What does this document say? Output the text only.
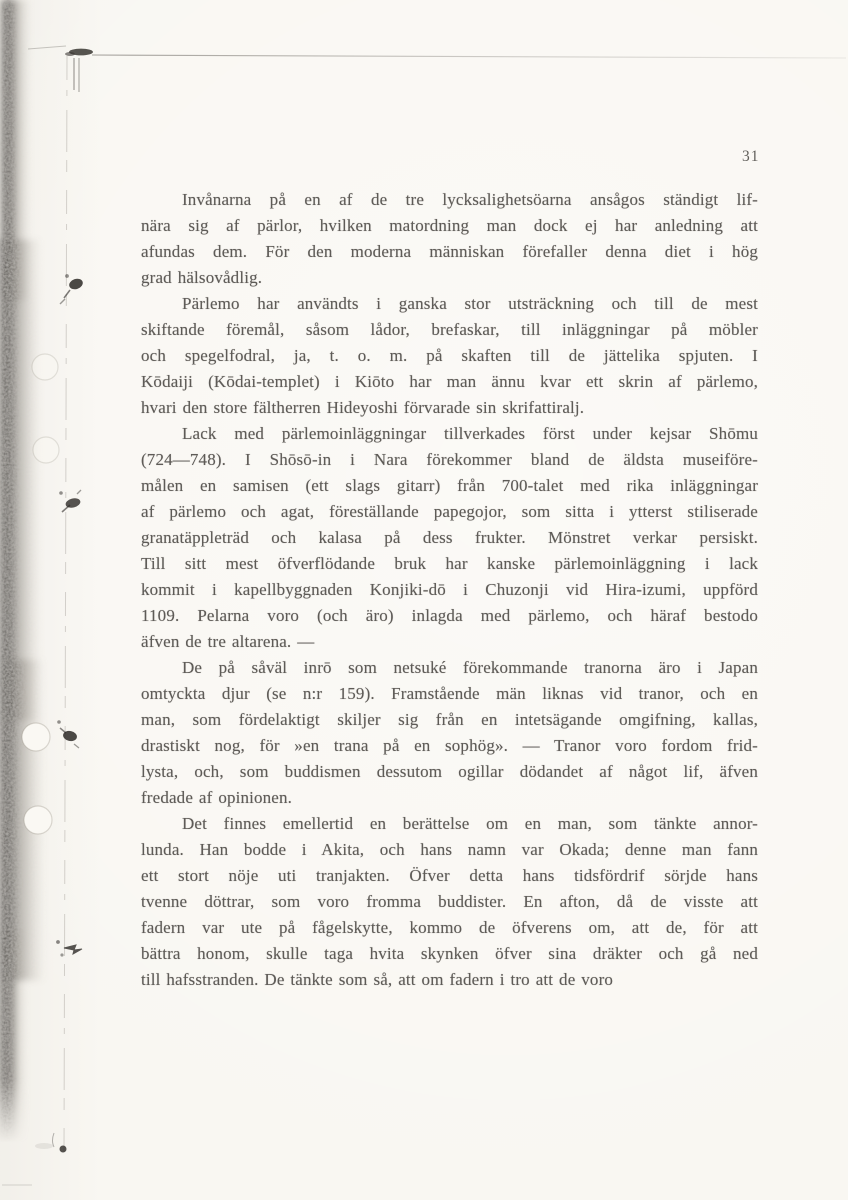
31
Invånarna på en af de tre lycksalighetsöarna ansågos ständigt lif-
nära sig af pärlor, hvilken matordning man dock ej har anledning att
afundas dem. För den moderna människan förefaller denna diet i hög
grad hälsovådlig.
Pärlemo har användts i ganska stor utsträckning och till de mest
skiftande föremål, såsom lådor, brefaskar, till inläggningar på möbler
och spegelfodral, ja, t. o. m. på skaften till de jättelika spjuten. I
Kōdaiji (Kōdai-templet) i Kiōto har man ännu kvar ett skrin af pärlemo,
hvari den store fältherren Hideyoshi förvarade sin skrifattiralj.
Lack med pärlemoinläggningar tillverkades först under kejsar Shōmu
(724—748). I Shōsō-in i Nara förekommer bland de äldsta museiföre-
målen en samisen (ett slags gitarr) från 700-talet med rika inläggningar
af pärlemo och agat, föreställande papegojor, som sitta i ytterst stiliserade
granatäppleträd och kalasa på dess frukter. Mönstret verkar persiskt.
Till sitt mest öfverflödande bruk har kanske pärlemoinläggning i lack
kommit i kapellbyggnaden Konjiki-dō i Chuzonji vid Hira-izumi, uppförd
1109. Pelarna voro (och äro) inlagda med pärlemo, och häraf bestodo
äfven de tre altarena. —
De på såväl inrō som netsuké förekommande tranorna äro i Japan
omtyckta djur (se n:r 159). Framstående män liknas vid tranor, och en
man, som fördelaktigt skiljer sig från en intetsägande omgifning, kallas,
drastiskt nog, för »en trana på en sophög». — Tranor voro fordom frid-
lysta, och, som buddismen dessutom ogillar dödandet af något lif, äfven
fredade af opinionen.
Det finnes emellertid en berättelse om en man, som tänkte annor-
lunda. Han bodde i Akita, och hans namn var Okada; denne man fann
ett stort nöje uti tranjakten. Öfver detta hans tidsfördrif sörjde hans
tvenne döttrar, som voro fromma buddister. En afton, då de visste att
fadern var ute på fågelskytte, kommo de öfverens om, att de, för att
bättra honom, skulle taga hvita skynken öfver sina dräkter och gå ned
till hafsstranden. De tänkte som så, att om fadern i tro att de voro
